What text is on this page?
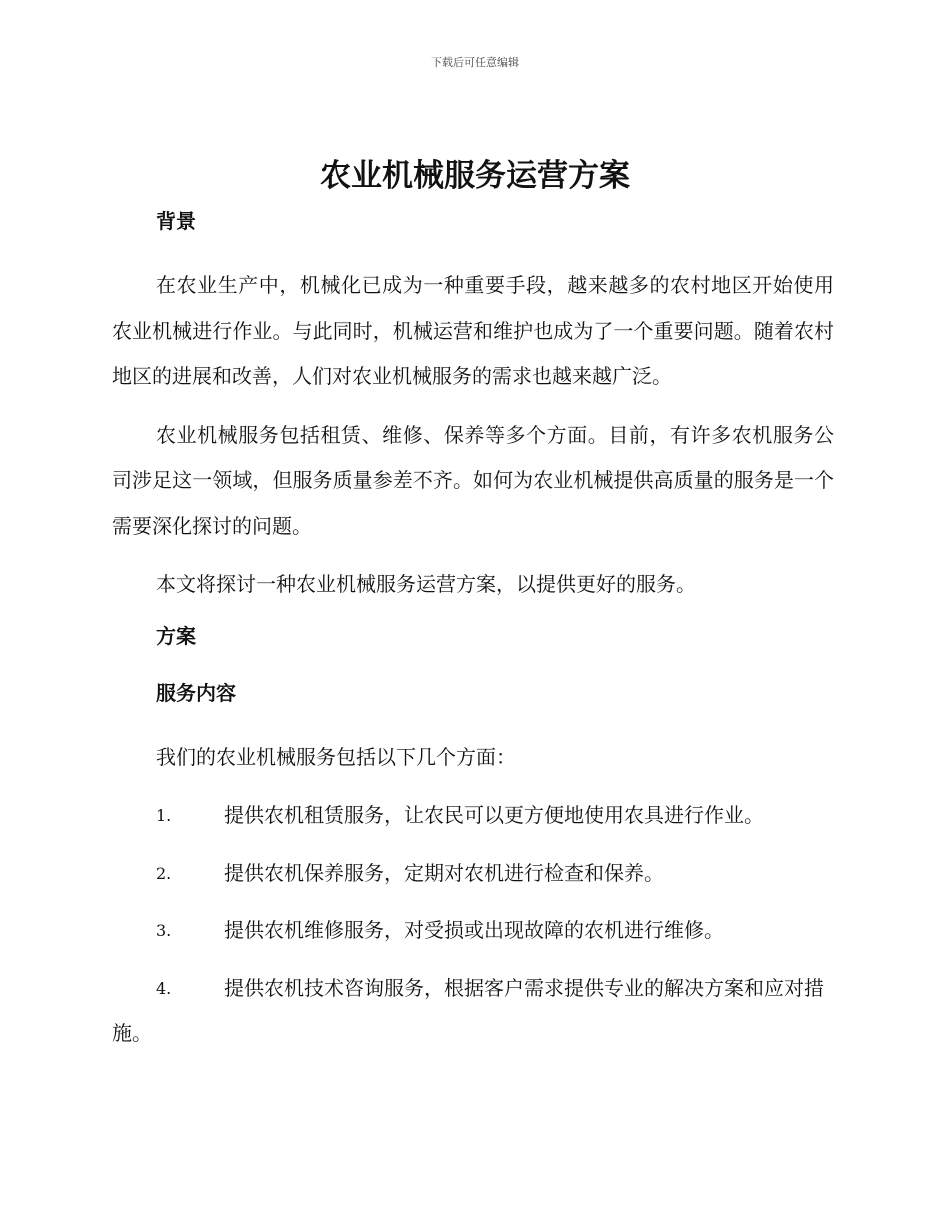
下载后可任意编辑
农业机械服务运营方案
背景

在农业生产中，机械化已成为一种重要手段，越来越多的农村地区开始使用农业机械进行作业。与此同时，机械运营和维护也成为了一个重要问题。随着农村地区的进展和改善，人们对农业机械服务的需求也越来越广泛。

农业机械服务包括租赁、维修、保养等多个方面。目前，有许多农机服务公司涉足这一领域，但服务质量参差不齐。如何为农业机械提供高质量的服务是一个需要深化探讨的问题。

本文将探讨一种农业机械服务运营方案，以提供更好的服务。

方案
服务内容

我们的农业机械服务包括以下几个方面：

1.	提供农机租赁服务，让农民可以更方便地使用农具进行作业。
2.	提供农机保养服务，定期对农机进行检查和保养。
3.	提供农机维修服务，对受损或出现故障的农机进行维修。
4.	提供农机技术咨询服务，根据客户需求提供专业的解决方案和应对措施。
